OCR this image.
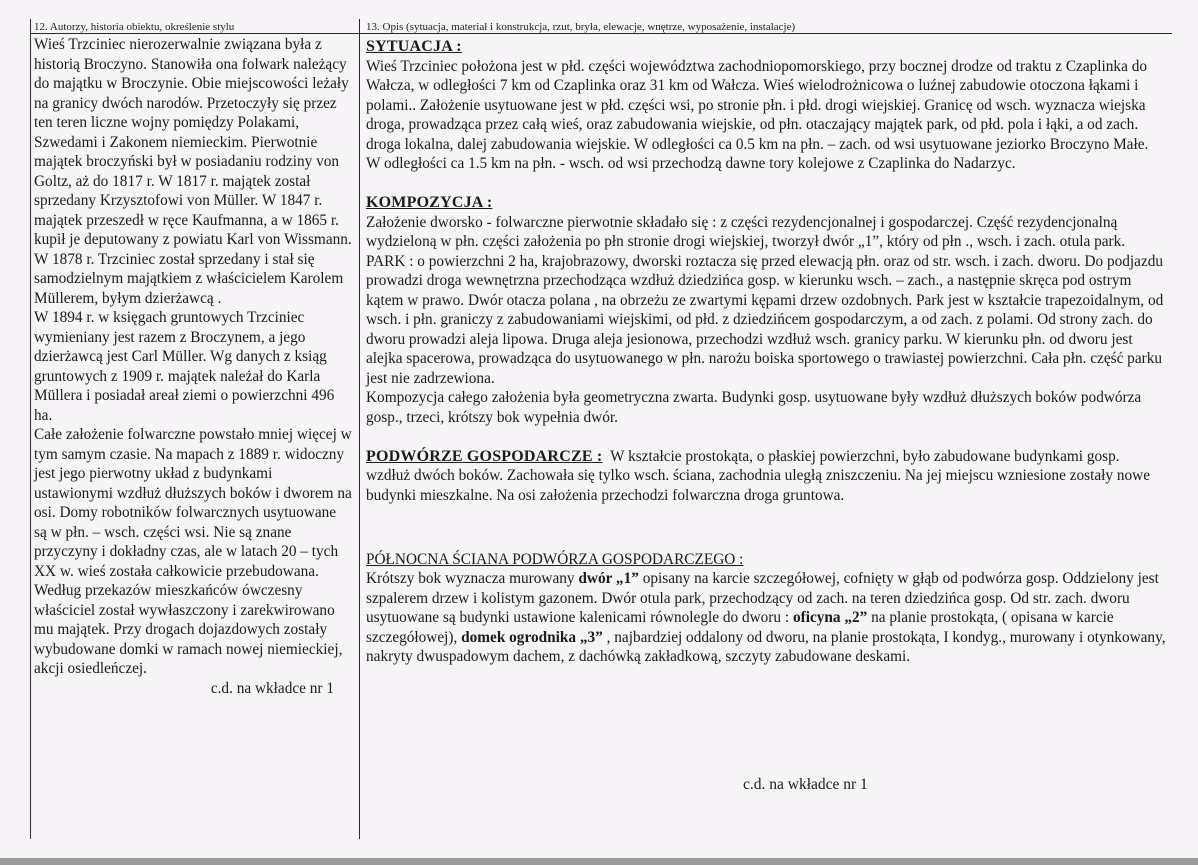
12. Autorzy, historia obiektu, określenie stylu	13. Opis (sytuacja, materiał i konstrukcja, rzut, bryła, elewacje, wnętrze, wyposażenie, instalacje)

Wieś Trzciniec nierozerwalnie związana była z historią Broczyno. Stanowiła ona folwark należący do majątku w Broczynie. Obie miejscowości leżały na granicy dwóch narodów. Przetoczyły się przez ten teren liczne wojny pomiędzy Polakami, Szwedami i Zakonem niemieckim. Pierwotnie majątek broczyński był w posiadaniu rodziny von Goltz, aż do 1817 r. W 1817 r. majątek został sprzedany Krzysztofowi von Müller. W 1847 r. majątek przeszedł w ręce Kaufmanna, a w 1865 r. kupił je deputowany z powiatu Karl von Wissmann.

W 1878 r. Trzciniec został sprzedany i stał się samodzielnym majątkiem z właścicielem Karolem Müllerem, byłym dzierżawcą .

W 1894 r. w księgach gruntowych Trzciniec wymieniany jest razem z Broczynem, a jego dzierżawcą jest Carl Müller. Wg danych z ksiąg gruntowych z 1909 r. majątek należał do Karla Müllera i posiadał areał ziemi o powierzchni 496 ha.

Całe założenie folwarczne powstało mniej więcej w tym samym czasie. Na mapach z 1889 r. widoczny jest jego pierwotny układ z budynkami ustawionymi wzdłuż dłuższych boków i dworem na osi. Domy robotników folwarcznych usytuowane są w płn. – wsch. części wsi. Nie są znane przyczyny i dokładny czas, ale w latach 20 – tych XX w. wieś została całkowicie przebudowana. Według przekazów mieszkańców ówczesny właściciel został wywłaszczony i zarekwirowano mu majątek. Przy drogach dojazdowych zostały wybudowane domki w ramach nowej niemieckiej, akcji osiedleńczej.

c.d. na wkładce nr 1

SYTUACJA :

Wieś Trzciniec położona jest w płd. części województwa zachodniopomorskiego, przy bocznej drodze od traktu z Czaplinka do Wałcza, w odległości 7 km od Czaplinka oraz 31 km od Wałcza. Wieś wielodrożnicowa o luźnej zabudowie otoczona łąkami i polami.. Założenie usytuowane jest w płd. części wsi, po stronie płn. i płd. drogi wiejskiej. Granicę od wsch. wyznacza wiejska droga, prowadząca przez całą wieś, oraz zabudowania wiejskie, od płn. otaczający majątek park, od płd. pola i łąki, a od zach. droga lokalna, dalej zabudowania wiejskie. W odległości ca 0.5 km na płn. – zach. od wsi usytuowane jeziorko Broczyno Małe. W odległości ca 1.5 km na płn. - wsch. od wsi przechodzą dawne tory kolejowe z Czaplinka do Nadarzyc.

KOMPOZYCJA :

Założenie dworsko - folwarczne pierwotnie składało się : z części rezydencjonalnej i gospodarczej. Część rezydencjonalną wydzieloną w płn. części założenia po płn stronie drogi wiejskiej, tworzył dwór „1”, który od płn ., wsch. i zach. otula park.

PARK : o powierzchni 2 ha, krajobrazowy, dworski roztacza się przed elewacją płn. oraz od str. wsch. i zach. dworu. Do podjazdu prowadzi droga wewnętrzna przechodząca wzdłuż dziedzińca gosp. w kierunku wsch. – zach., a następnie skręca pod ostrym kątem w prawo. Dwór otacza polana , na obrzeżu ze zwartymi kępami drzew ozdobnych. Park jest w kształcie trapezoidalnym, od wsch. i płn. graniczy z zabudowaniami wiejskimi, od płd. z dziedzińcem gospodarczym, a od zach. z polami. Od strony zach. do dworu prowadzi aleja lipowa. Druga aleja jesionowa, przechodzi wzdłuż wsch. granicy parku. W kierunku płn. od dworu jest alejka spacerowa, prowadząca do usytuowanego w płn. narożu boiska sportowego o trawiastej powierzchni. Cała płn. część parku jest nie zadrzewiona.

Kompozycja całego założenia była geometryczna zwarta. Budynki gosp. usytuowane były wzdłuż dłuższych boków podwórza gosp., trzeci, krótszy bok wypełnia dwór.

PODWÓRZE GOSPODARCZE : W kształcie prostokąta, o płaskiej powierzchni, było zabudowane budynkami gosp. wzdłuż dwóch boków. Zachowała się tylko wsch. ściana, zachodnia uległą zniszczeniu. Na jej miejscu wzniesione zostały nowe budynki mieszkalne. Na osi założenia przechodzi folwarczna droga gruntowa.

PÓŁNOCNA ŚCIANA PODWÓRZA GOSPODARCZEGO :

Krótszy bok wyznacza murowany dwór „1” opisany na karcie szczegółowej, cofnięty w głąb od podwórza gosp. Oddzielony jest szpalerem drzew i kolistym gazonem. Dwór otula park, przechodzący od zach. na teren dziedzińca gosp. Od str. zach. dworu usytuowane są budynki ustawione kalenicami równolegle do dworu : oficyna „2” na planie prostokąta, ( opisana w karcie szczegółowej), domek ogrodnika „3” , najbardziej oddalony od dworu, na planie prostokąta, I kondyg., murowany i otynkowany, nakryty dwuspadowym dachem, z dachówką zakładkową, szczyty zabudowane deskami.

c.d. na wkładce nr 1
